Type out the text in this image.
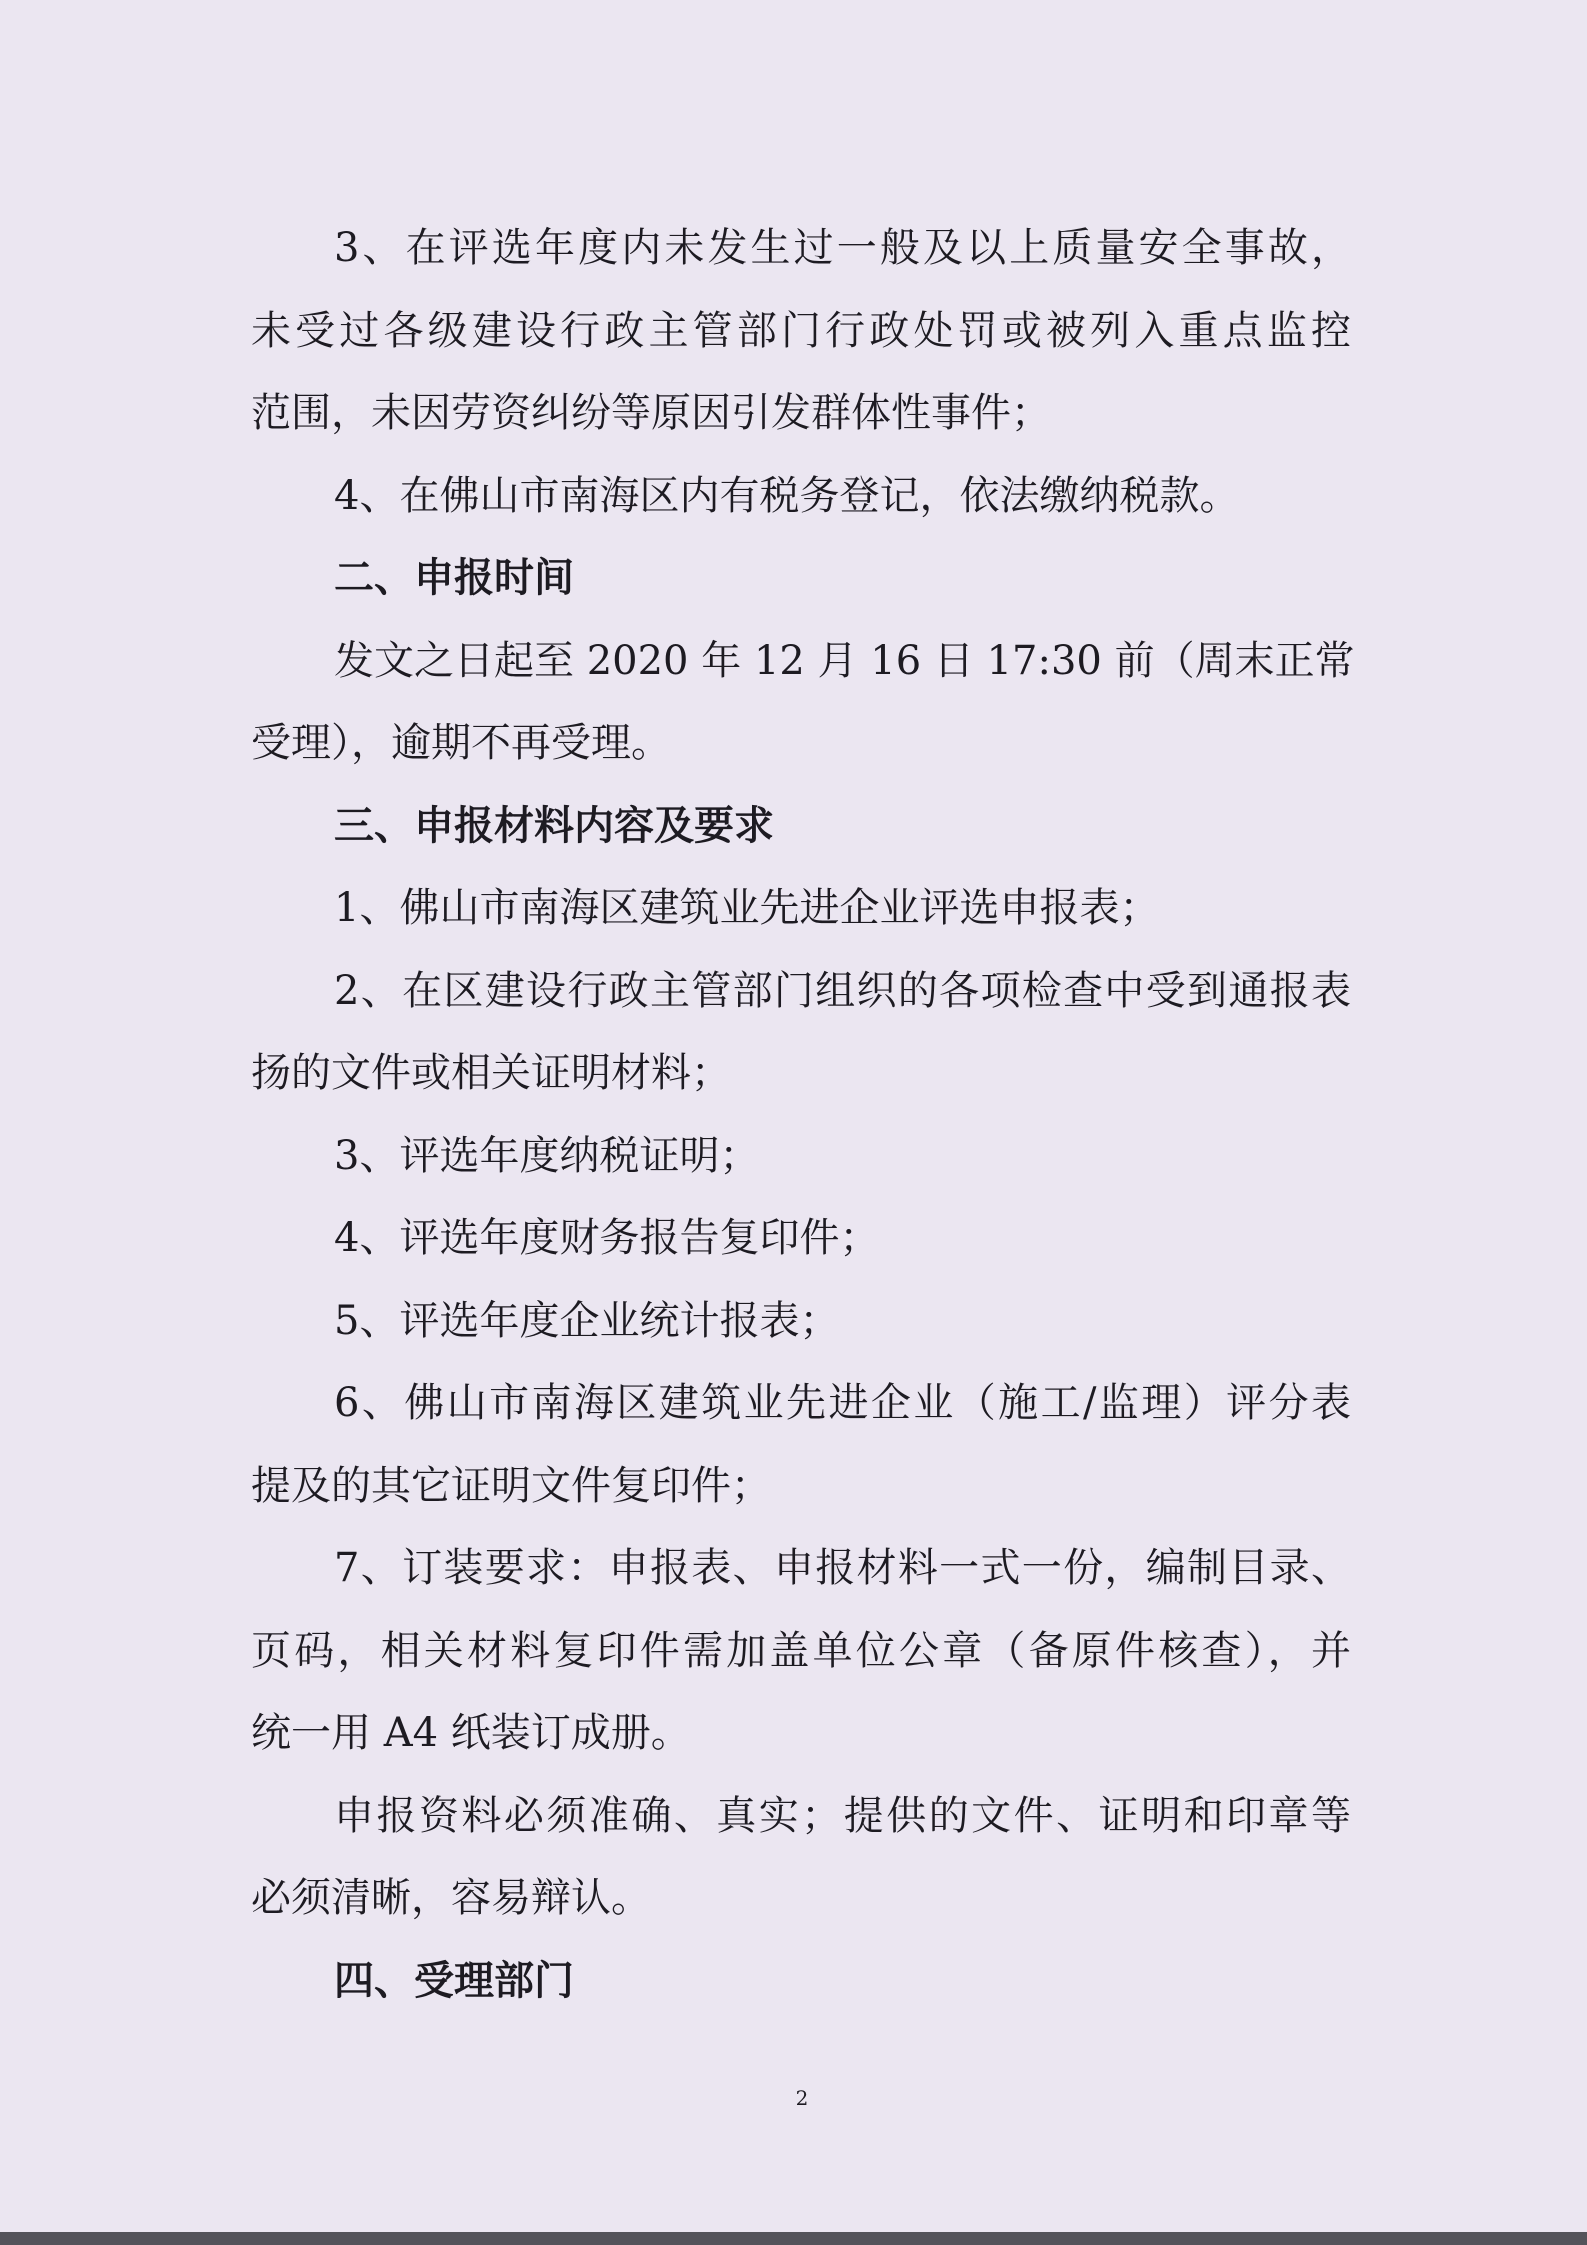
3、在评选年度内未发生过一般及以上质量安全事故，
未受过各级建设行政主管部门行政处罚或被列入重点监控
范围，未因劳资纠纷等原因引发群体性事件；
4、在佛山市南海区内有税务登记，依法缴纳税款。
二、申报时间
发文之日起至 2020 年 12 月 16 日 17:30 前（周末正常
受理），逾期不再受理。
三、申报材料内容及要求
1、佛山市南海区建筑业先进企业评选申报表；
2、在区建设行政主管部门组织的各项检查中受到通报表
扬的文件或相关证明材料；
3、评选年度纳税证明；
4、评选年度财务报告复印件；
5、评选年度企业统计报表；
6、佛山市南海区建筑业先进企业（施工/监理）评分表
提及的其它证明文件复印件；
7、订装要求：申报表、申报材料一式一份，编制目录、
页码，相关材料复印件需加盖单位公章（备原件核查），并
统一用 A4 纸装订成册。
申报资料必须准确、真实；提供的文件、证明和印章等
必须清晰，容易辩认。
四、受理部门
2
